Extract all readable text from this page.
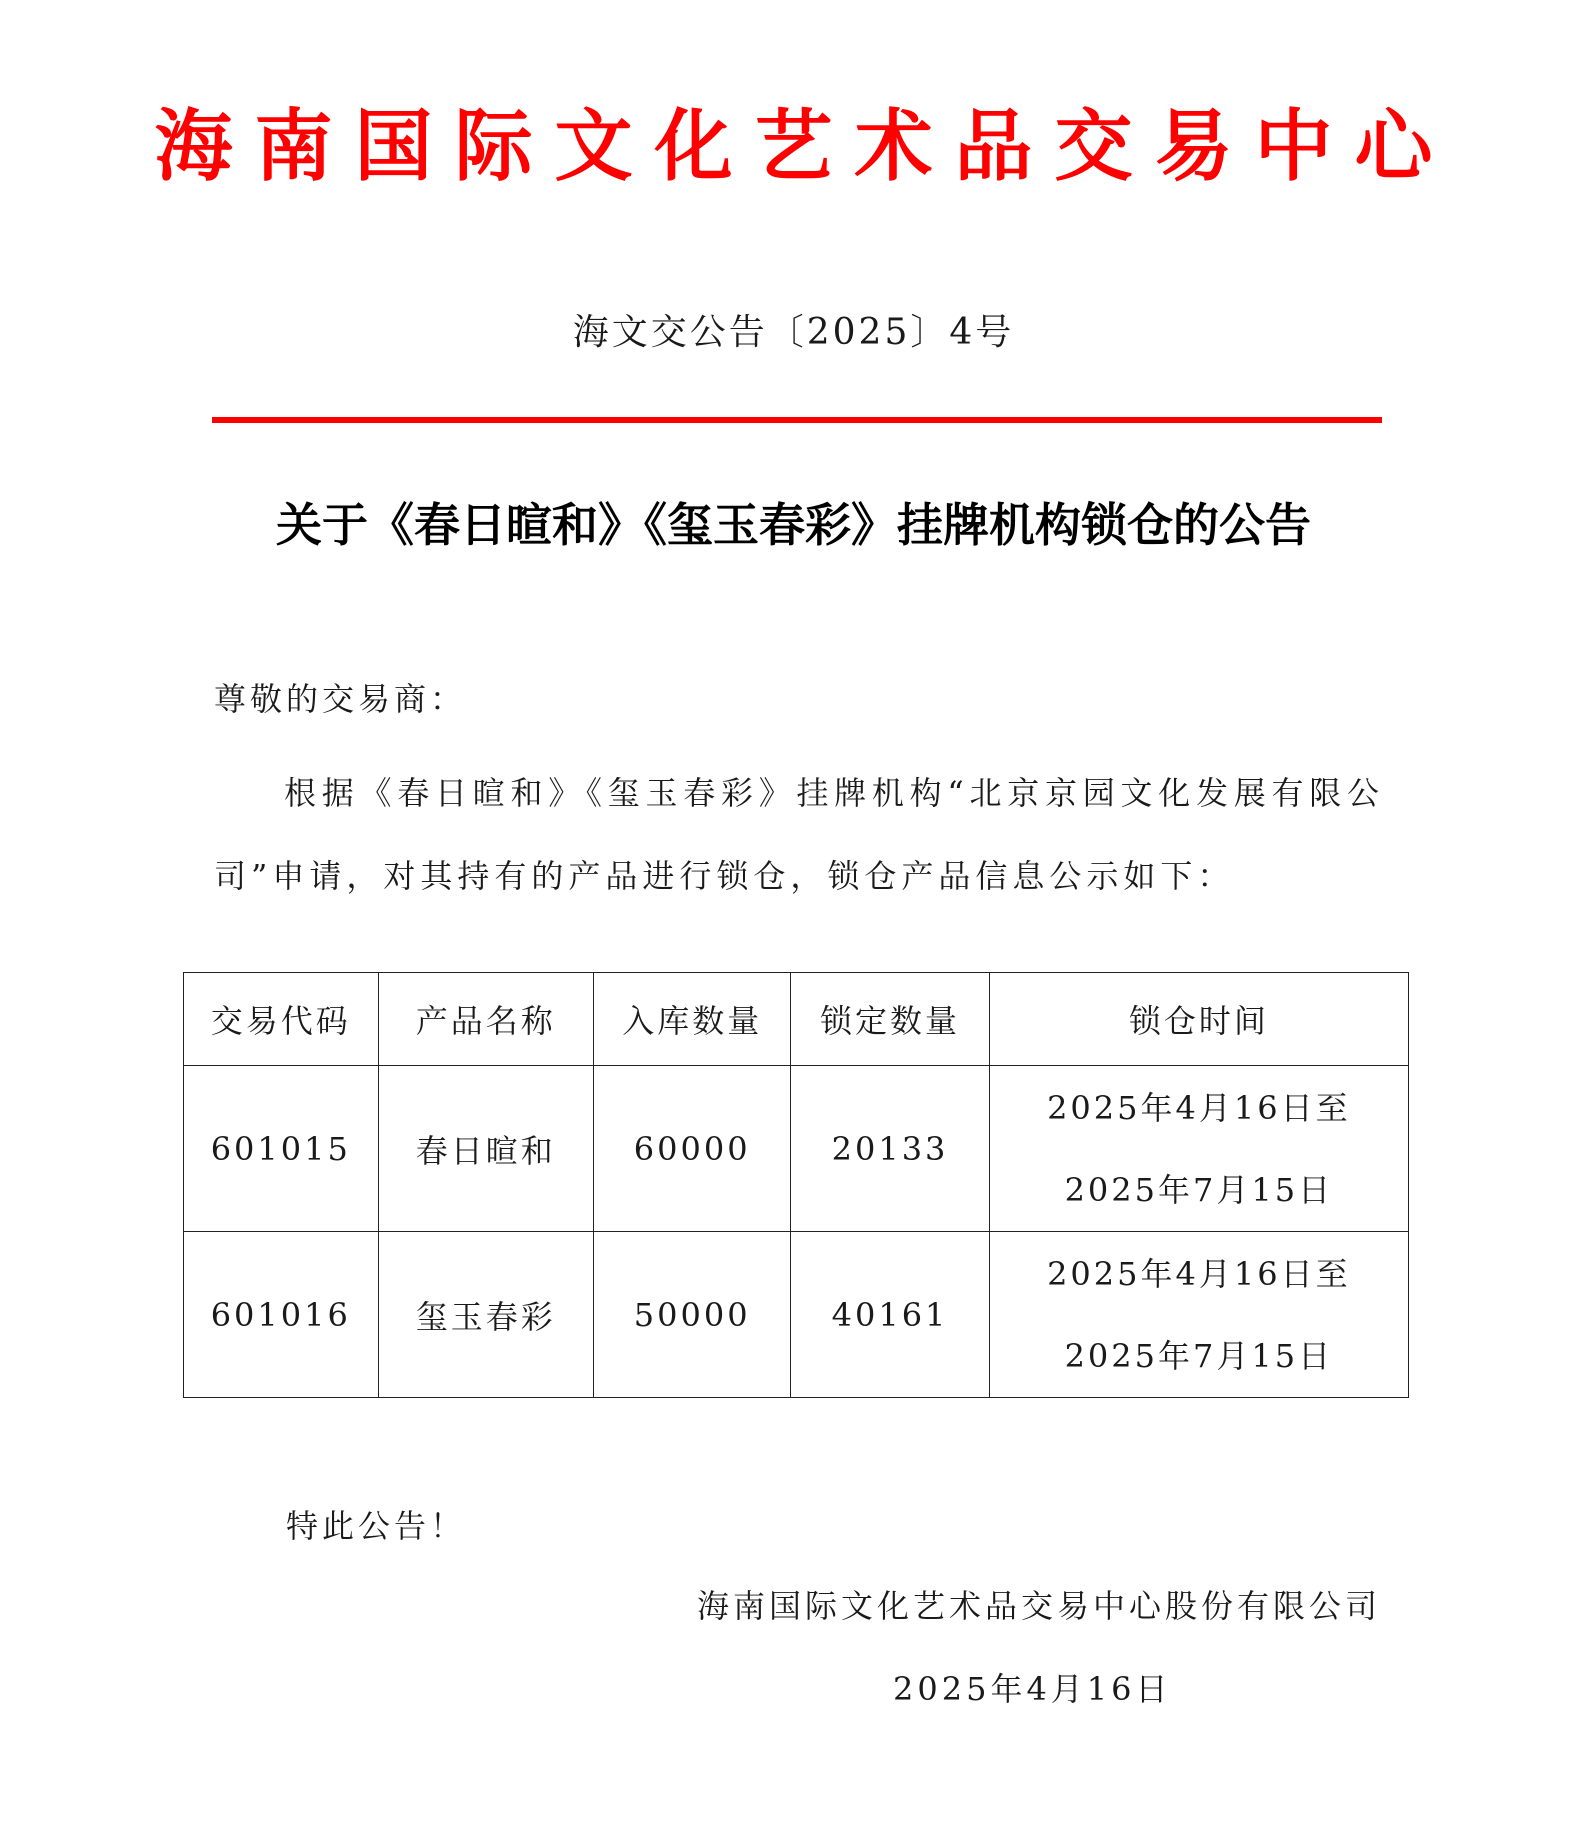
海南国际文化艺术品交易中心
海文交公告〔2025〕4号
关于《春日暄和》《玺玉春彩》挂牌机构锁仓的公告
尊敬的交易商：

根据《春日暄和》《玺玉春彩》挂牌机构“北京京园文化发展有限公司”申请，对其持有的产品进行锁仓，锁仓产品信息公示如下：

交易代码	产品名称	入库数量	锁定数量	锁仓时间
601015	春日暄和	60000	20133	2025年4月16日至
2025年7月15日

601016	玺玉春彩	50000	40161	2025年4月16日至
2025年7月15日
特此公告！
海南国际文化艺术品交易中心股份有限公司
2025年4月16日
